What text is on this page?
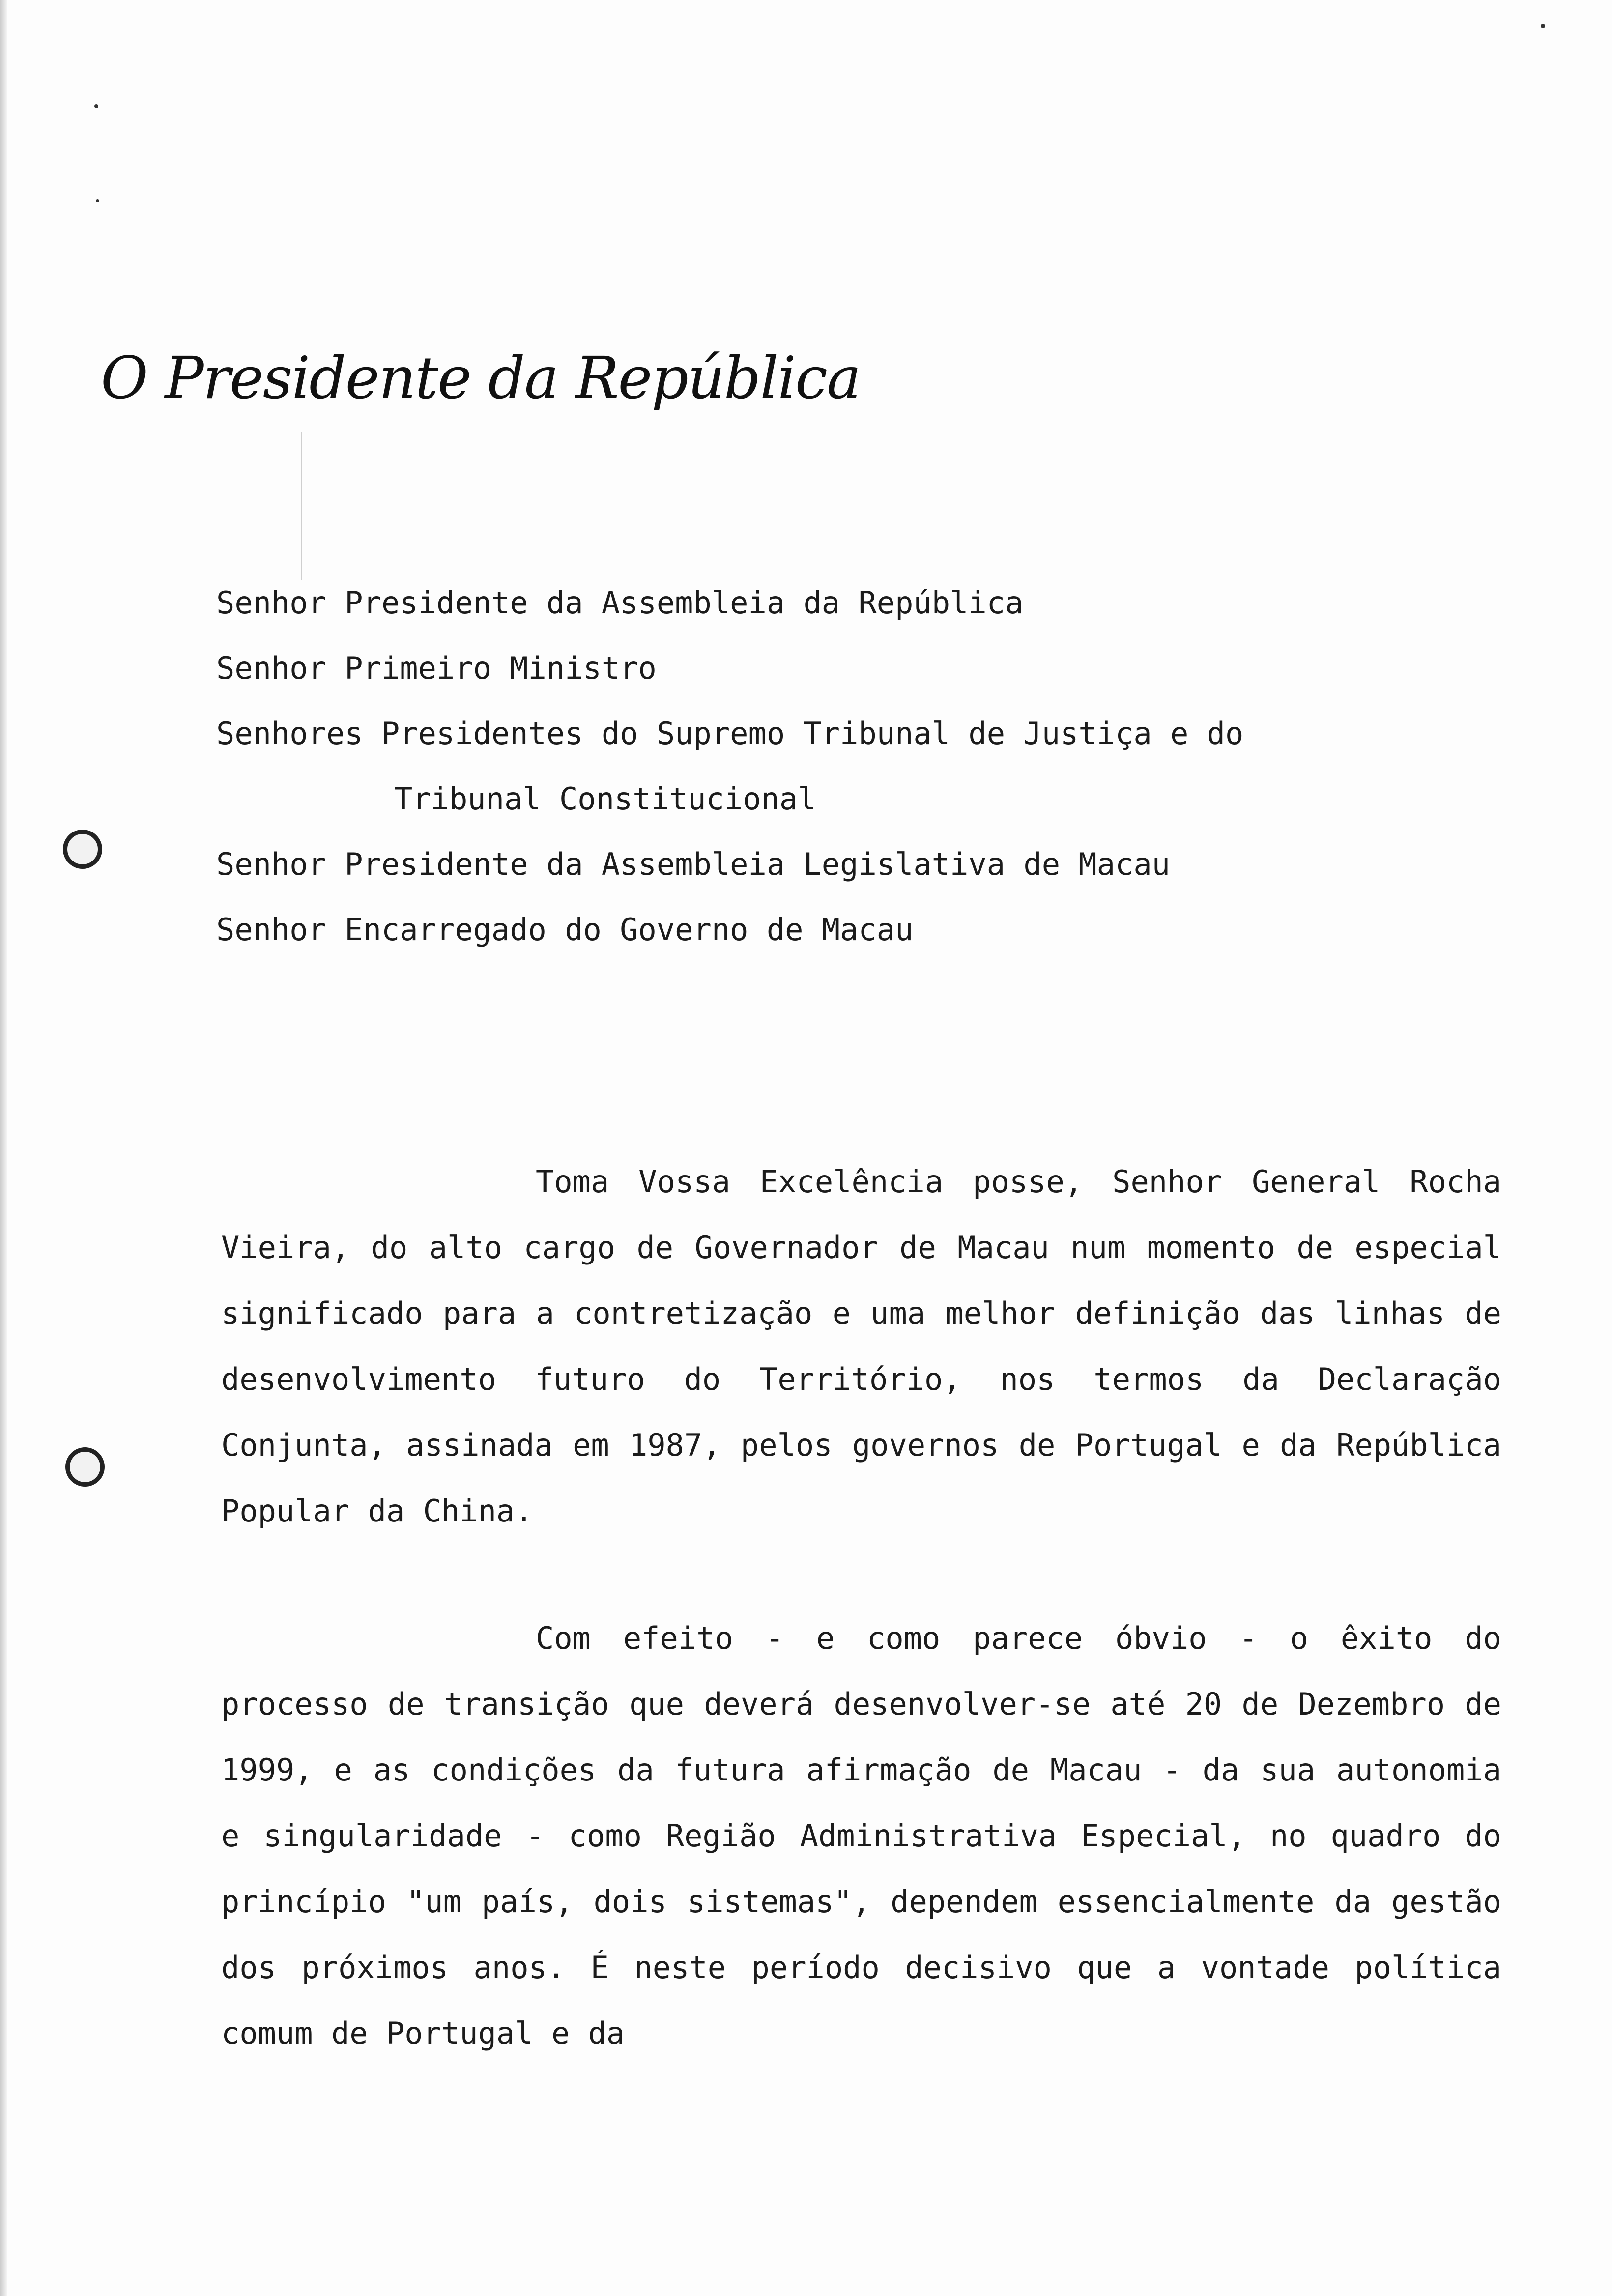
O Presidente da República
Senhor Presidente da Assembleia da República
Senhor Primeiro Ministro
Senhores Presidentes do Supremo Tribunal de Justiça e do
Tribunal Constitucional
Senhor Presidente da Assembleia Legislativa de Macau
Senhor Encarregado do Governo de Macau

Toma Vossa Excelência posse, Senhor General Rocha Vieira, do alto cargo de Governador de Macau num momento de especial significado para a contretização e uma melhor definição das linhas de desenvolvimento futuro do Território, nos termos da Declaração Conjunta, assinada em 1987, pelos governos de Portugal e da República Popular da China.

Com efeito - e como parece óbvio - o êxito do processo de transição que deverá desenvolver-se até 20 de Dezembro de 1999, e as condições da futura afirmação de Macau - da sua autonomia e singularidade - como Região Administrativa Especial, no quadro do princípio "um país, dois sistemas", dependem essencialmente da gestão dos próximos anos. É neste período decisivo que a vontade política comum de Portugal e da
